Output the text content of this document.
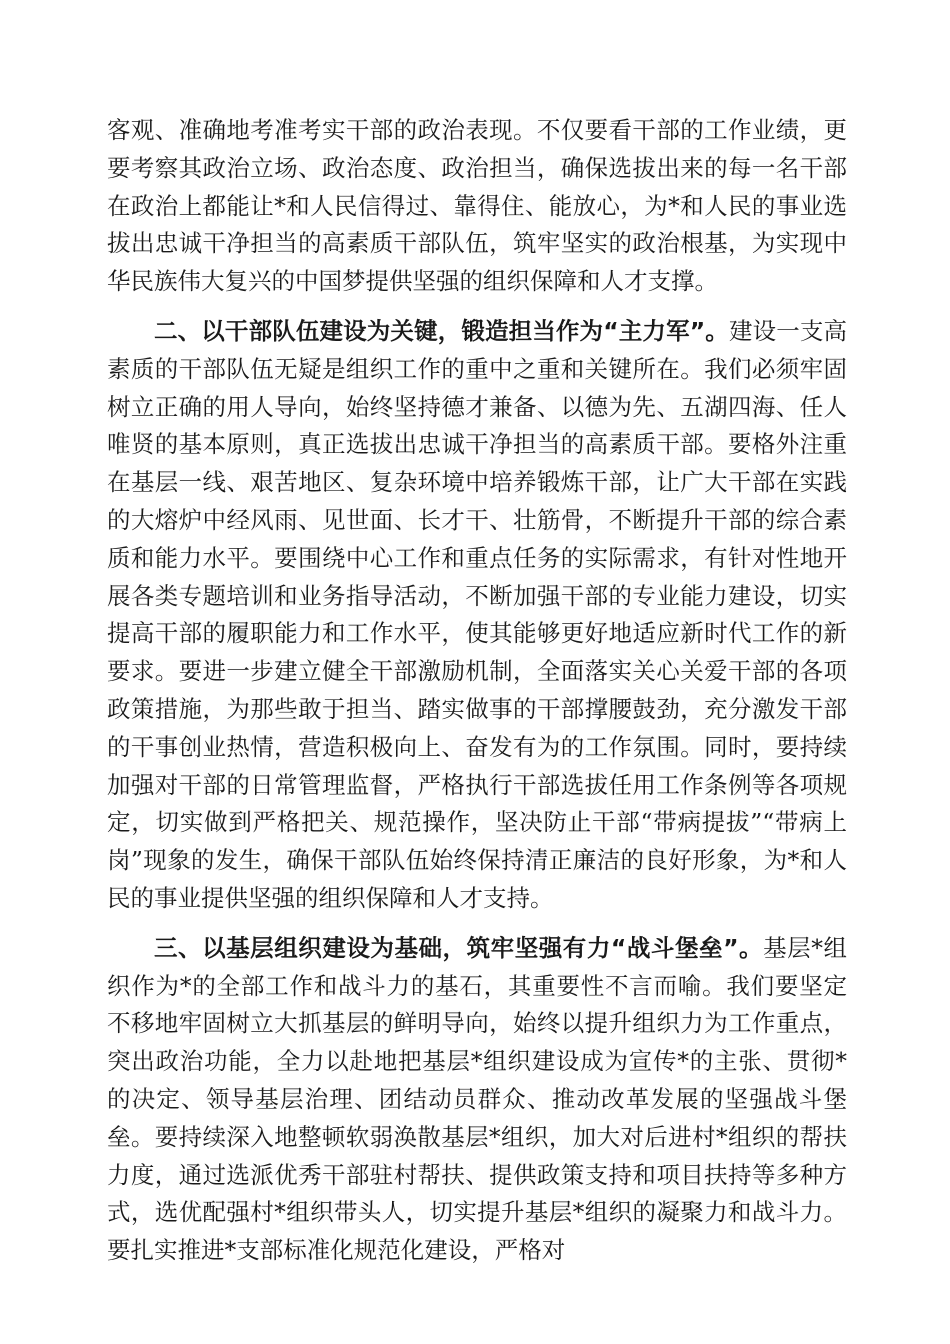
客观、准确地考准考实干部的政治表现。不仅要看干部的工作业绩，更要考察其政治立场、政治态度、政治担当，确保选拔出来的每一名干部在政治上都能让*和人民信得过、靠得住、能放心，为*和人民的事业选拔出忠诚干净担当的高素质干部队伍，筑牢坚实的政治根基，为实现中华民族伟大复兴的中国梦提供坚强的组织保障和人才支撑。

二、以干部队伍建设为关键，锻造担当作为“主力军”。建设一支高素质的干部队伍无疑是组织工作的重中之重和关键所在。我们必须牢固树立正确的用人导向，始终坚持德才兼备、以德为先、五湖四海、任人唯贤的基本原则，真正选拔出忠诚干净担当的高素质干部。要格外注重在基层一线、艰苦地区、复杂环境中培养锻炼干部，让广大干部在实践的大熔炉中经风雨、见世面、长才干、壮筋骨，不断提升干部的综合素质和能力水平。要围绕中心工作和重点任务的实际需求，有针对性地开展各类专题培训和业务指导活动，不断加强干部的专业能力建设，切实提高干部的履职能力和工作水平，使其能够更好地适应新时代工作的新要求。要进一步建立健全干部激励机制，全面落实关心关爱干部的各项政策措施，为那些敢于担当、踏实做事的干部撑腰鼓劲，充分激发干部的干事创业热情，营造积极向上、奋发有为的工作氛围。同时，要持续加强对干部的日常管理监督，严格执行干部选拔任用工作条例等各项规定，切实做到严格把关、规范操作，坚决防止干部“带病提拔”“带病上岗”现象的发生，确保干部队伍始终保持清正廉洁的良好形象，为*和人民的事业提供坚强的组织保障和人才支持。

三、以基层组织建设为基础，筑牢坚强有力“战斗堡垒”。基层*组织作为*的全部工作和战斗力的基石，其重要性不言而喻。我们要坚定不移地牢固树立大抓基层的鲜明导向，始终以提升组织力为工作重点，突出政治功能，全力以赴地把基层*组织建设成为宣传*的主张、贯彻*的决定、领导基层治理、团结动员群众、推动改革发展的坚强战斗堡垒。要持续深入地整顿软弱涣散基层*组织，加大对后进村*组织的帮扶力度，通过选派优秀干部驻村帮扶、提供政策支持和项目扶持等多种方式，选优配强村*组织带头人，切实提升基层*组织的凝聚力和战斗力。要扎实推进*支部标准化规范化建设，严格对
